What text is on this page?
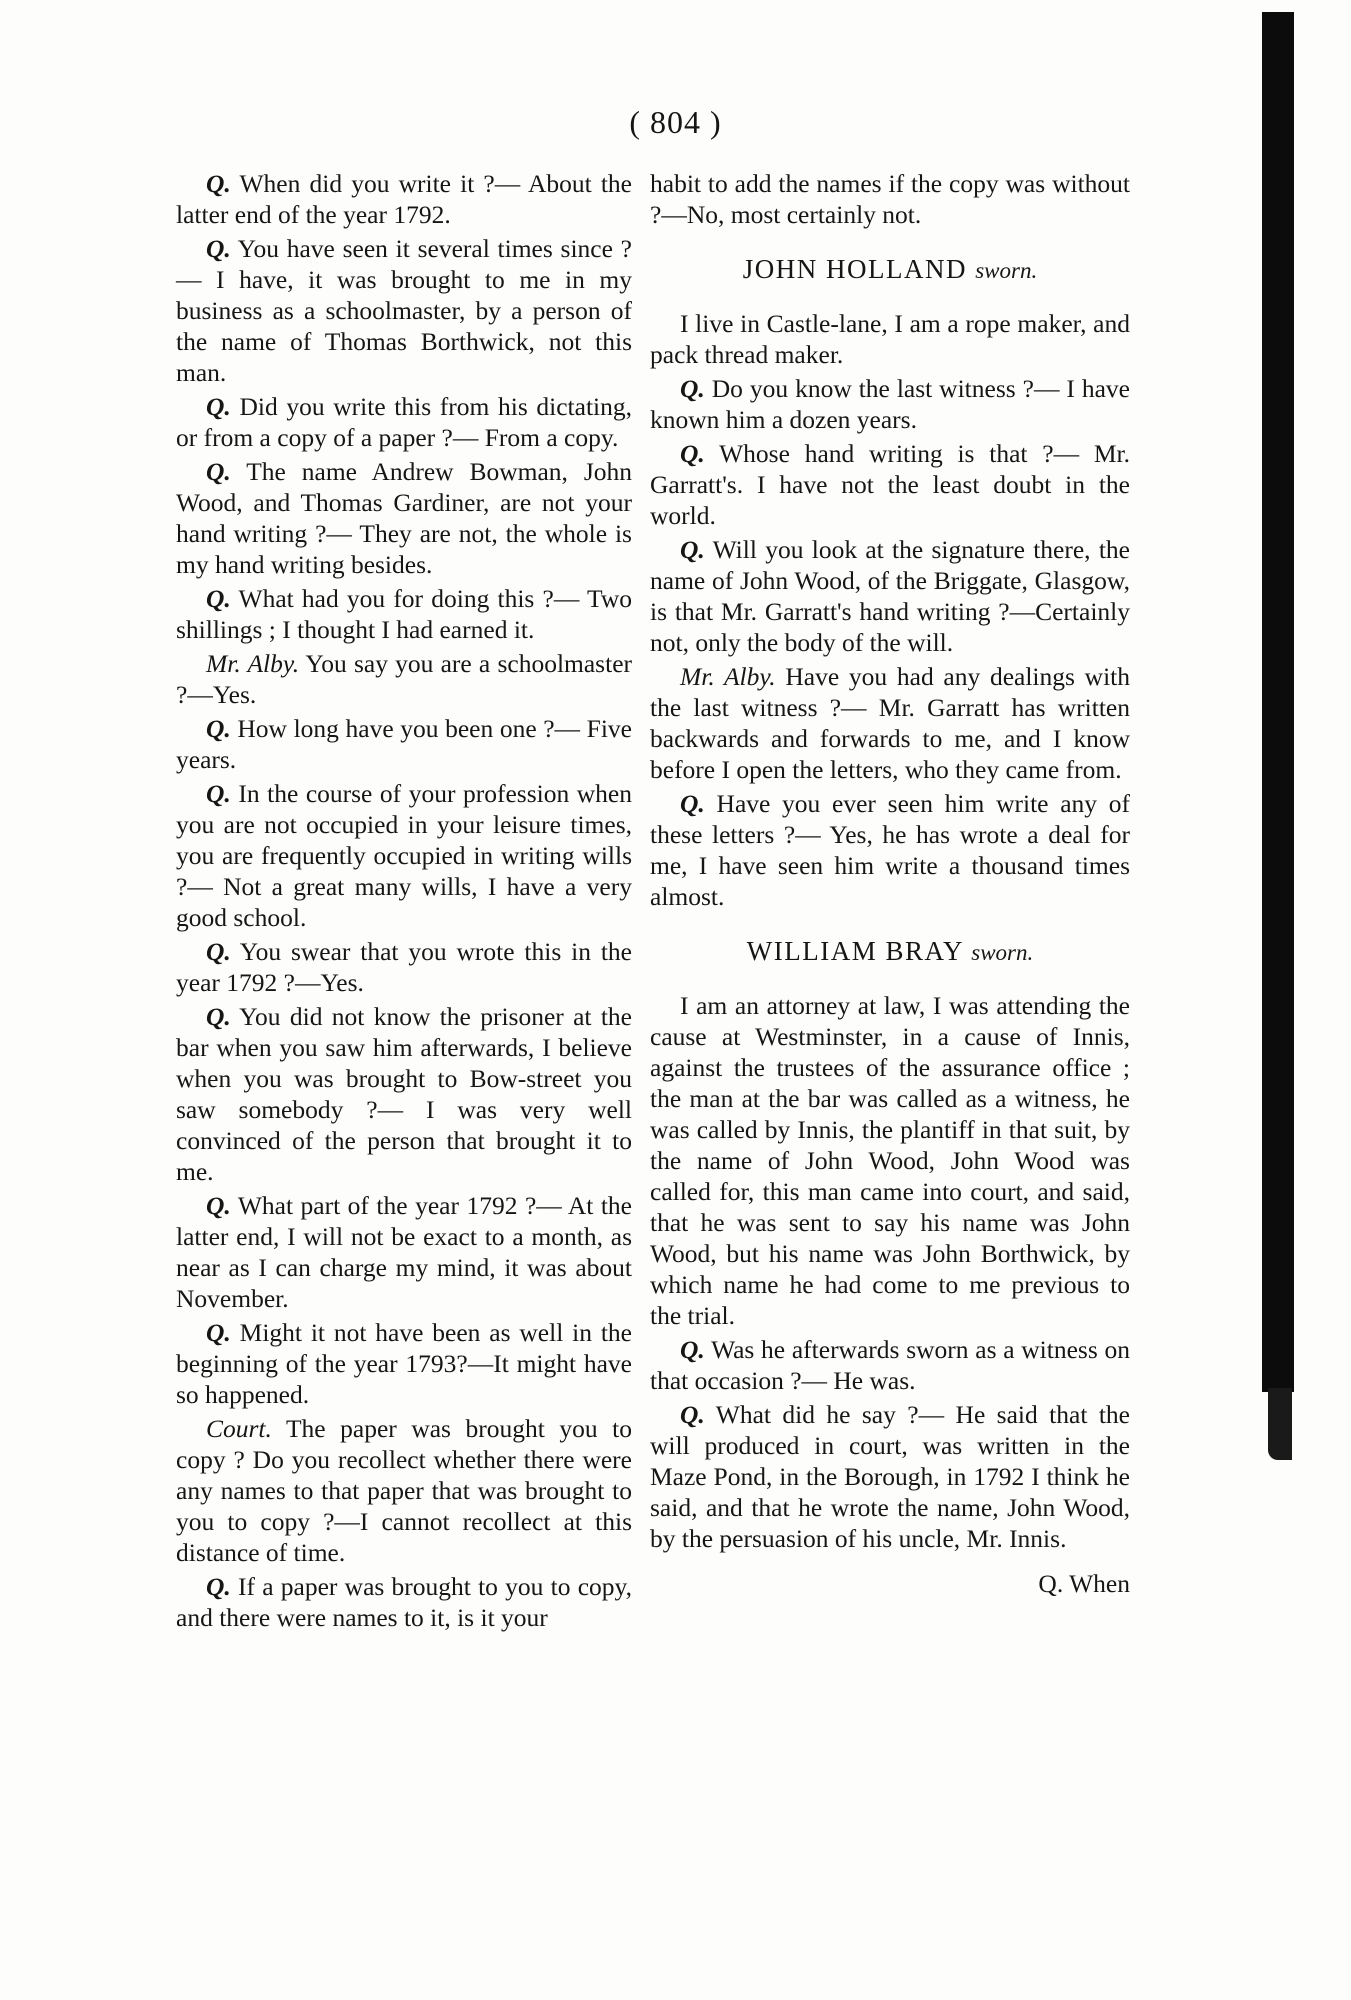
( 804 )

Q. When did you write it ?— About the latter end of the year 1792.

Q. You have seen it several times since ?— I have, it was brought to me in my business as a schoolmaster, by a person of the name of Thomas Borthwick, not this man.

Q. Did you write this from his dictating, or from a copy of a paper ?— From a copy.

Q. The name Andrew Bowman, John Wood, and Thomas Gardiner, are not your hand writing ?— They are not, the whole is my hand writing besides.

Q. What had you for doing this ?— Two shillings ; I thought I had earned it.

Mr. Alby. You say you are a schoolmaster ?—Yes.

Q. How long have you been one ?— Five years.

Q. In the course of your profession when you are not occupied in your leisure times, you are frequently occupied in writing wills ?— Not a great many wills, I have a very good school.

Q. You swear that you wrote this in the year 1792 ?—Yes.

Q. You did not know the prisoner at the bar when you saw him afterwards, I believe when you was brought to Bow-street you saw somebody ?— I was very well convinced of the person that brought it to me.

Q. What part of the year 1792 ?— At the latter end, I will not be exact to a month, as near as I can charge my mind, it was about November.

Q. Might it not have been as well in the beginning of the year 1793?—It might have so happened.

Court. The paper was brought you to copy ? Do you recollect whether there were any names to that paper that was brought to you to copy ?—I cannot recollect at this distance of time.

Q. If a paper was brought to you to copy, and there were names to it, is it your

habit to add the names if the copy was without ?—No, most certainly not.

JOHN HOLLAND sworn.

I live in Castle-lane, I am a rope maker, and pack thread maker.

Q. Do you know the last witness ?— I have known him a dozen years.

Q. Whose hand writing is that ?— Mr. Garratt's. I have not the least doubt in the world.

Q. Will you look at the signature there, the name of John Wood, of the Briggate, Glasgow, is that Mr. Garratt's hand writing ?—Certainly not, only the body of the will.

Mr. Alby. Have you had any dealings with the last witness ?— Mr. Garratt has written backwards and forwards to me, and I know before I open the letters, who they came from.

Q. Have you ever seen him write any of these letters ?— Yes, he has wrote a deal for me, I have seen him write a thousand times almost.

WILLIAM BRAY sworn.

I am an attorney at law, I was attending the cause at Westminster, in a cause of Innis, against the trustees of the assurance office ; the man at the bar was called as a witness, he was called by Innis, the plantiff in that suit, by the name of John Wood, John Wood was called for, this man came into court, and said, that he was sent to say his name was John Wood, but his name was John Borthwick, by which name he had come to me previous to the trial.

Q. Was he afterwards sworn as a witness on that occasion ?— He was.

Q. What did he say ?— He said that the will produced in court, was written in the Maze Pond, in the Borough, in 1792 I think he said, and that he wrote the name, John Wood, by the persuasion of his uncle, Mr. Innis.

Q. When
